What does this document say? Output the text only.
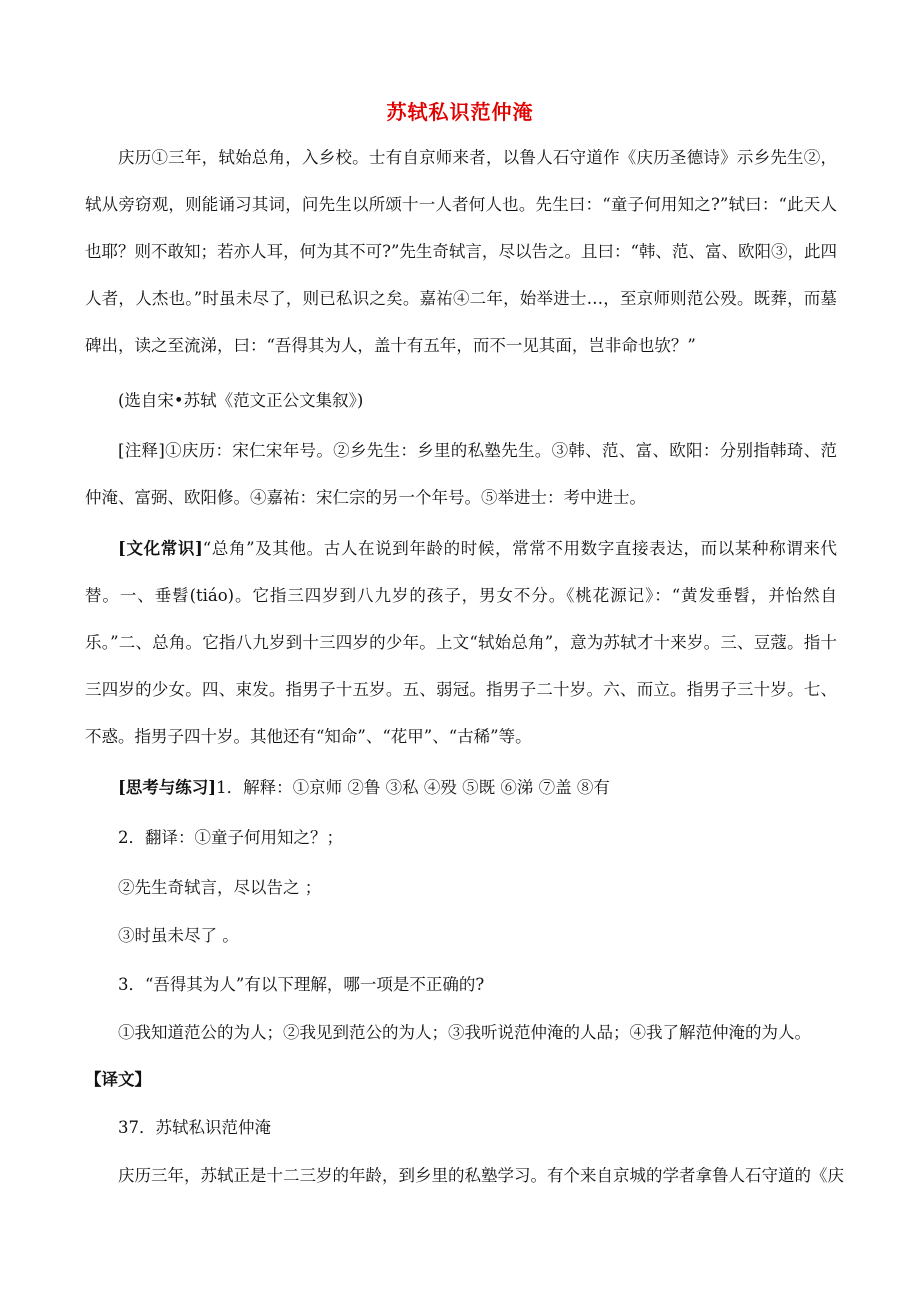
苏轼私识范仲淹

庆历①三年，轼始总角，入乡校。士有自京师来者，以鲁人石守道作《庆历圣德诗》示乡先生②，轼从旁窃观，则能诵习其词，问先生以所颂十一人者何人也。先生曰：“童子何用知之?”轼曰：“此天人也耶？则不敢知；若亦人耳，何为其不可?”先生奇轼言，尽以告之。且曰：“韩、范、富、欧阳③，此四人者，人杰也。”时虽未尽了，则已私识之矣。嘉祐④二年，始举进士…，至京师则范公殁。既葬，而墓碑出，读之至流涕，曰：“吾得其为人，盖十有五年，而不一见其面，岂非命也欤？”

(选自宋•苏轼《范文正公文集叙》)

[注释]①庆历：宋仁宋年号。②乡先生：乡里的私塾先生。③韩、范、富、欧阳：分别指韩琦、范仲淹、富弼、欧阳修。④嘉祐：宋仁宗的另一个年号。⑤举进士：考中进士。

[文化常识]“总角”及其他。古人在说到年龄的时候，常常不用数字直接表达，而以某种称谓来代替。一、垂髫(tiáo)。它指三四岁到八九岁的孩子，男女不分。《桃花源记》：“黄发垂髫，并怡然自乐。”二、总角。它指八九岁到十三四岁的少年。上文“轼始总角”，意为苏轼才十来岁。三、豆蔻。指十三四岁的少女。四、束发。指男子十五岁。五、弱冠。指男子二十岁。六、而立。指男子三十岁。七、不惑。指男子四十岁。其他还有“知命”、“花甲”、“古稀”等。

[思考与练习]1．解释：①京师 ②鲁 ③私 ④殁 ⑤既 ⑥涕 ⑦盖 ⑧有

2．翻译：①童子何用知之？；

②先生奇轼言，尽以告之 ；

③时虽未尽了 。

3．“吾得其为人”有以下理解，哪一项是不正确的?

①我知道范公的为人；②我见到范公的为人；③我听说范仲淹的人品；④我了解范仲淹的为人。

【译文】

37．苏轼私识范仲淹

庆历三年，苏轼正是十二三岁的年龄，到乡里的私塾学习。有个来自京城的学者拿鲁人石守道的《庆
